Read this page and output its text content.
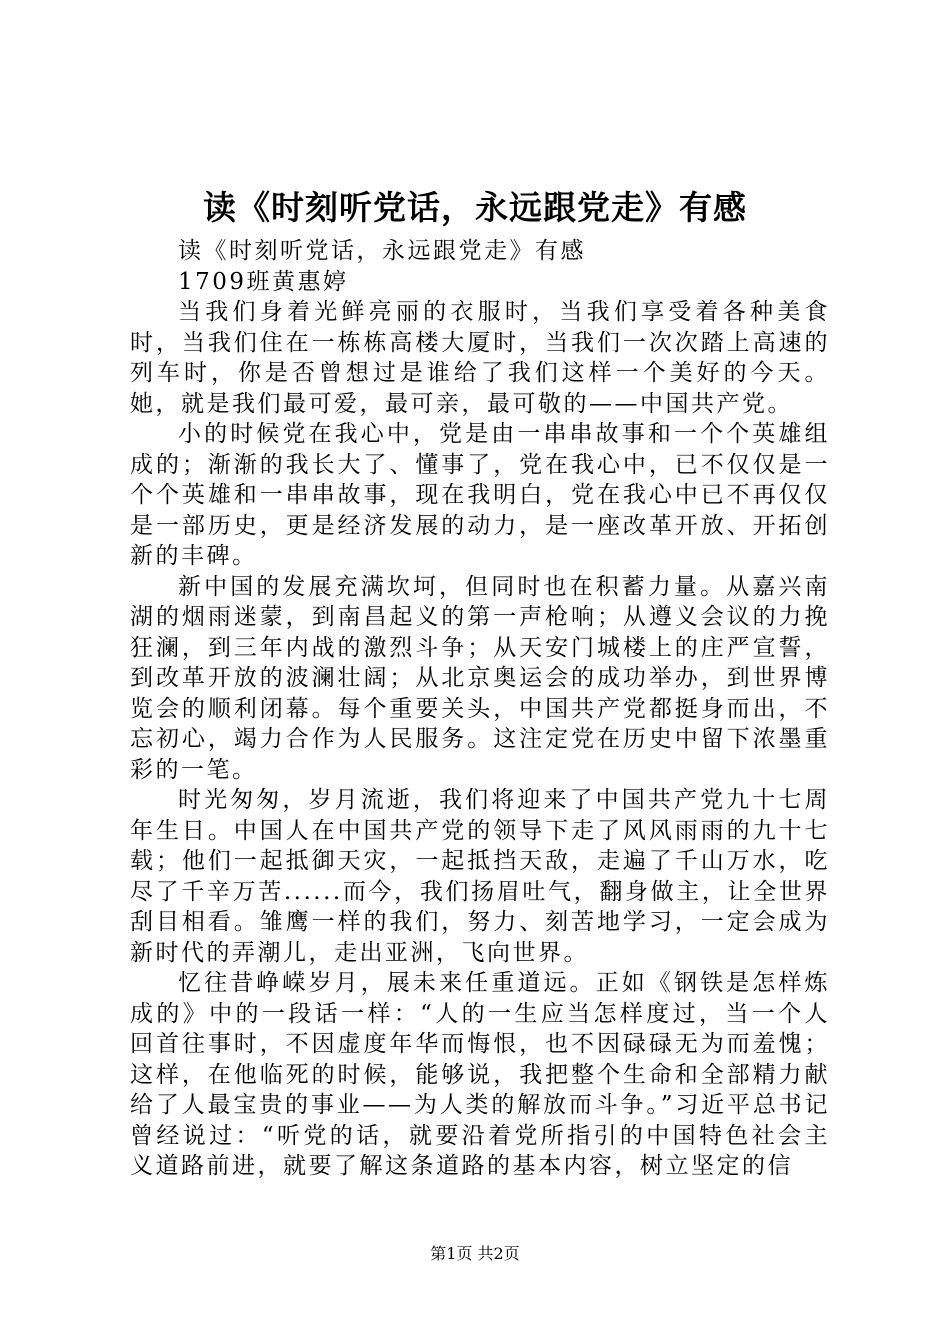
读《时刻听党话，永远跟党走》有感

读《时刻听党话，永远跟党走》有感

1709班黄惠婷

当我们身着光鲜亮丽的衣服时，当我们享受着各种美食时，当我们住在一栋栋高楼大厦时，当我们一次次踏上高速的列车时，你是否曾想过是谁给了我们这样一个美好的今天。她，就是我们最可爱，最可亲，最可敬的——中国共产党。

小的时候党在我心中，党是由一串串故事和一个个英雄组成的；渐渐的我长大了、懂事了，党在我心中，已不仅仅是一个个英雄和一串串故事，现在我明白，党在我心中已不再仅仅是一部历史，更是经济发展的动力，是一座改革开放、开拓创新的丰碑。

新中国的发展充满坎坷，但同时也在积蓄力量。从嘉兴南湖的烟雨迷蒙，到南昌起义的第一声枪响；从遵义会议的力挽狂澜，到三年内战的激烈斗争；从天安门城楼上的庄严宣誓，到改革开放的波澜壮阔；从北京奥运会的成功举办，到世界博览会的顺利闭幕。每个重要关头，中国共产党都挺身而出，不忘初心，竭力合作为人民服务。这注定党在历史中留下浓墨重彩的一笔。

时光匆匆，岁月流逝，我们将迎来了中国共产党九十七周年生日。中国人在中国共产党的领导下走了风风雨雨的九十七载；他们一起抵御天灾，一起抵挡天敌，走遍了千山万水，吃尽了千辛万苦......而今，我们扬眉吐气，翻身做主，让全世界刮目相看。雏鹰一样的我们，努力、刻苦地学习，一定会成为新时代的弄潮儿，走出亚洲，飞向世界。

忆往昔峥嵘岁月，展未来任重道远。正如《钢铁是怎样炼成的》中的一段话一样：“人的一生应当怎样度过，当一个人回首往事时，不因虚度年华而悔恨，也不因碌碌无为而羞愧；这样，在他临死的时候，能够说，我把整个生命和全部精力献给了人最宝贵的事业——为人类的解放而斗争。”习近平总书记曾经说过：“听党的话，就要沿着党所指引的中国特色社会主义道路前进，就要了解这条道路的基本内容，树立坚定的信

第1页 共2页
